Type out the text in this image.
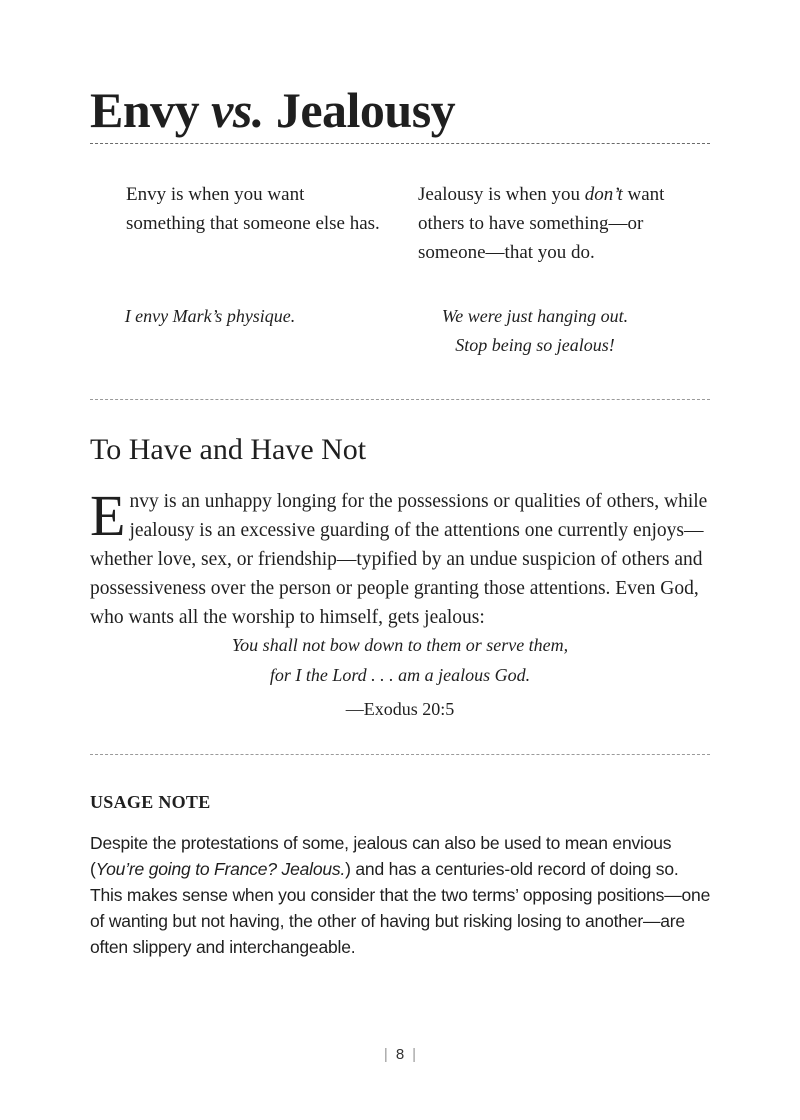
Envy vs. Jealousy

Envy is when you want something that someone else has.

Jealousy is when you don’t want others to have something—or someone—that you do.

I envy Mark’s physique.	We were just hanging out.
Stop being so jealous!

To Have and Have Not

Envy is an unhappy longing for the possessions or qualities of others, while jealousy is an excessive guarding of the attentions one currently enjoys—whether love, sex, or friendship—typified by an undue suspicion of others and possessiveness over the person or people granting those attentions. Even God, who wants all the worship to himself, gets jealous:

You shall not bow down to them or serve them,
for I the Lord . . . am a jealous God.

—Exodus 20:5

USAGE NOTE

Despite the protestations of some, jealous can also be used to mean envious (You’re going to France? Jealous.) and has a centuries-old record of doing so. This makes sense when you consider that the two terms’ opposing positions—one of wanting but not having, the other of having but risking losing to another—are often slippery and interchangeable.

| 8 |
